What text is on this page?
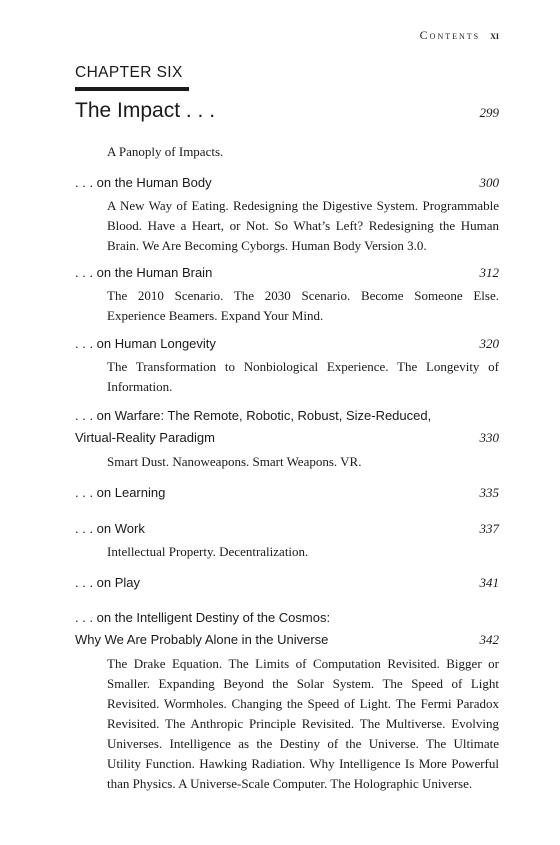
Contents xi
CHAPTER SIX
The Impact . . .	299
A Panoply of Impacts.
. . . on the Human Body	300
A New Way of Eating. Redesigning the Digestive System. Programmable Blood. Have a Heart, or Not. So What’s Left? Redesigning the Human Brain. We Are Becoming Cyborgs. Human Body Version 3.0.
. . . on the Human Brain	312
The 2010 Scenario. The 2030 Scenario. Become Someone Else. Experience Beamers. Expand Your Mind.
. . . on Human Longevity	320
The Transformation to Nonbiological Experience. The Longevity of Information.
. . . on Warfare: The Remote, Robotic, Robust, Size-Reduced,
Virtual-Reality Paradigm	330
Smart Dust. Nanoweapons. Smart Weapons. VR.
. . . on Learning	335
. . . on Work	337
Intellectual Property. Decentralization.
. . . on Play	341
. . . on the Intelligent Destiny of the Cosmos:
Why We Are Probably Alone in the Universe	342
The Drake Equation. The Limits of Computation Revisited. Bigger or Smaller. Expanding Beyond the Solar System. The Speed of Light Revisited. Wormholes. Changing the Speed of Light. The Fermi Paradox Revisited. The Anthropic Principle Revisited. The Multiverse. Evolving Universes. Intelligence as the Destiny of the Universe. The Ultimate Utility Function. Hawking Radiation. Why Intelligence Is More Powerful than Physics. A Universe-Scale Computer. The Holographic Universe.
